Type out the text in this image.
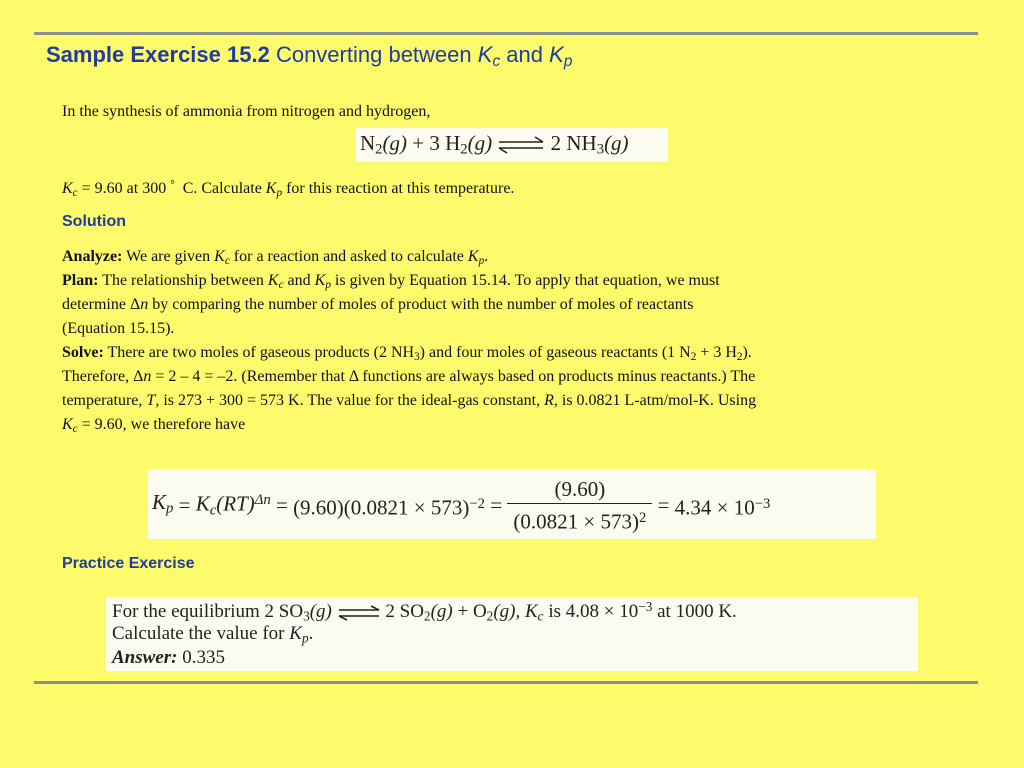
Sample Exercise 15.2 Converting between $K_c$ and $K_p$
In the synthesis of ammonia from nitrogen and hydrogen,
$N_2(g) + 3$ $H_2(g)$ ⇌ 2 $NH_3(g)$
$K_c = 9.60$ at 300 ° C. Calculate $K_p$ for this reaction at this temperature.
Solution
Analyze: We are given $K_c$ for a reaction and asked to calculate $K_p$.
Plan: The relationship between $K_c$ and $K_p$ is given by Equation 15.14. To apply that equation, we must
determine Δn by comparing the number of moles of product with the number of moles of reactants
(Equation 15.15).
Solve: There are two moles of gaseous products (2 $NH_3$) and four moles of gaseous reactants (1 $N_2 + 3$ $H_2$).
Therefore, Δn = 2 – 4 = –2. (Remember that Δ functions are always based on products minus reactants.) The
temperature, T, is 273 + 300 = 573 K. The value for the ideal-gas constant, R, is 0.0821 L-atm/mol-K. Using
$K_c = 9.60$, we therefore have
$K_p = K_c(RT)^{\Delta n} = (9.60)(0.0821 \times 573)^{-2} = \frac{(9.60)}{(0.0821 \times 573)^2} = 4.34 \times 10^{-3}$
Practice Exercise
For the equilibrium 2 $SO_3(g)$ ⇌ 2 $SO_2(g) + O_2(g)$, $K_c$ is $4.08 \times 10^{-3}$ at 1000 K.
Calculate the value for $K_p$.
Answer: 0.335
